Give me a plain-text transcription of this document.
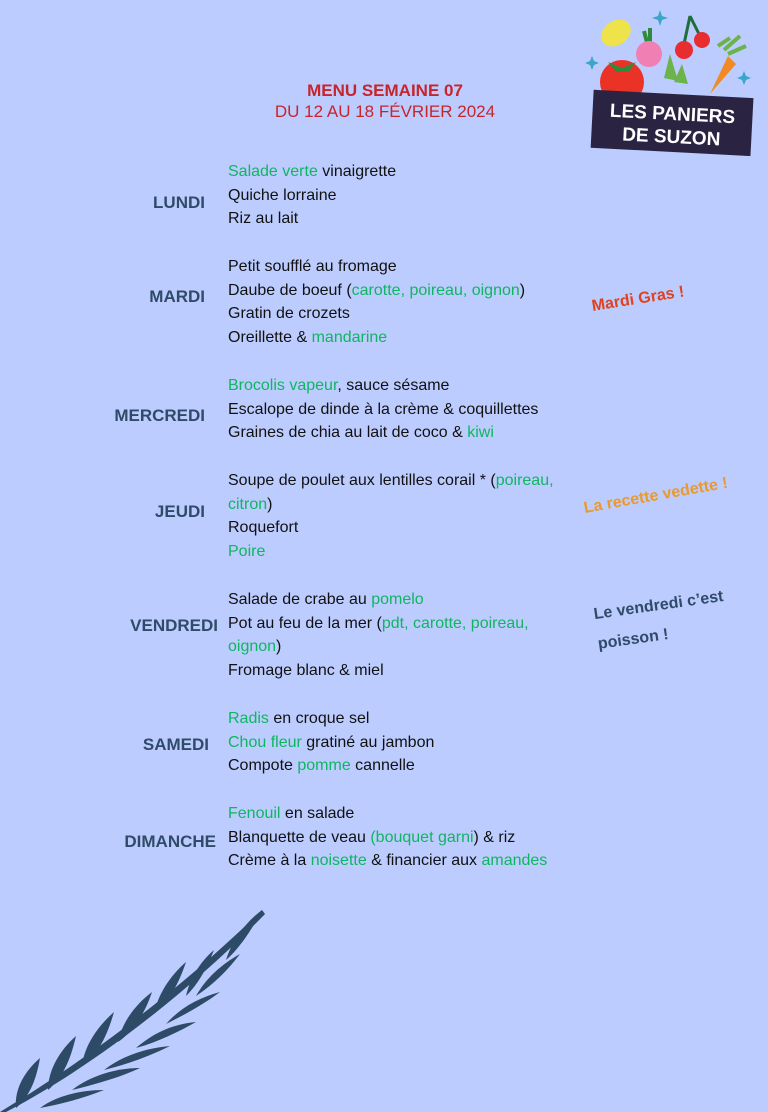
MENU SEMAINE 07
DU 12 AU 18 FÉVRIER 2024	LES PANIERS
DE SUZON
LUNDI
Salade verte vinaigrette
Quiche lorraine
Riz au lait
MARDI
Petit soufflé au fromage
Daube de boeuf (carotte, poireau, oignon)
Gratin de crozets
Oreillette & mandarine
MERCREDI
Brocolis vapeur, sauce sésame
Escalope de dinde à la crème & coquillettes
Graines de chia au lait de coco & kiwi
JEUDI
Soupe de poulet aux lentilles corail * (poireau,
citron)
Roquefort
Poire
VENDREDI
Salade de crabe au pomelo
Pot au feu de la mer (pdt, carotte, poireau,
oignon)
Fromage blanc & miel
SAMEDI
Radis en croque sel
Chou fleur gratiné au jambon
Compote pomme cannelle
DIMANCHE
Fenouil en salade
Blanquette de veau (bouquet garni) & riz
Crème à la noisette & financier aux amandes
Mardi Gras !
La recette vedette !
Le vendredi c’est
poisson !
